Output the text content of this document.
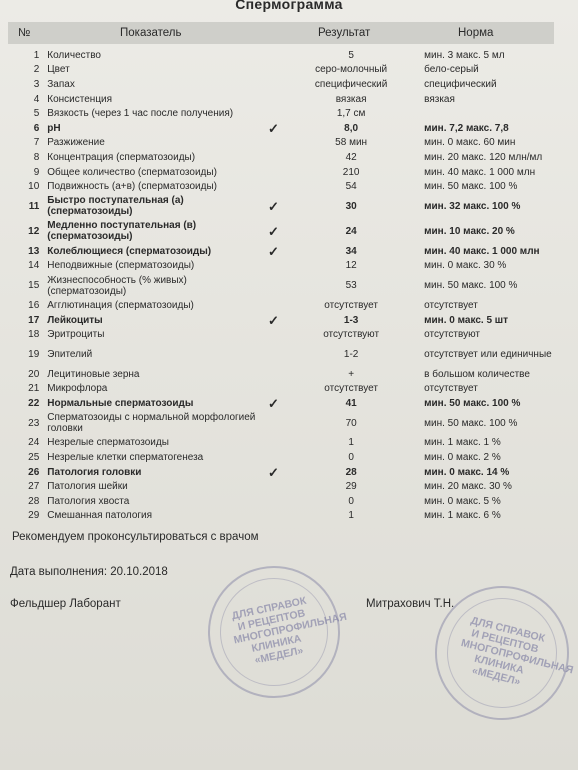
Спермограмма
№	Показатель	Результат	Норма
1	Количество		5	мин. 3 макс. 5 мл
2	Цвет		серо-молочный	бело-серый
3	Запах		специфический	специфический
4	Консистенция		вязкая	вязкая
5	Вязкость (через 1 час после получения)		1,7 см	
6	pH	✓	8,0	мин. 7,2 макс. 7,8
7	Разжижение		58 мин	мин. 0 макс. 60 мин
8	Концентрация (сперматозоиды)		42	мин. 20 макс. 120 млн/мл
9	Общее количество (сперматозоиды)		210	мин. 40 макс. 1 000 млн
10	Подвижность (а+в) (сперматозоиды)		54	мин. 50 макс. 100 %
11	Быстро поступательная (а) (сперматозоиды)	✓	30	мин. 32 макс. 100 %
12	Медленно поступательная (в) (сперматозоиды)	✓	24	мин. 10 макс. 20 %
13	Колеблющиеся (сперматозоиды)	✓	34	мин. 40 макс. 1 000 млн
14	Неподвижные (сперматозоиды)		12	мин. 0 макс. 30 %
15	Жизнеспособность (% живых) (сперматозоиды)		53	мин. 50 макс. 100 %
16	Агглютинация (сперматозоиды)		отсутствует	отсутствует
17	Лейкоциты	✓	1-3	мин. 0 макс. 5 шт
18	Эритроциты		отсутствуют	отсутствуют
19	Эпителий		1-2	отсутствует или единичные
20	Лецитиновые зерна		+	в большом количестве
21	Микрофлора		отсутствует	отсутствует
22	Нормальные сперматозоиды	✓	41	мин. 50 макс. 100 %
23	Сперматозоиды с нормальной морфологией головки		70	мин. 50 макс. 100 %
24	Незрелые сперматозоиды		1	мин. 1 макс. 1 %
25	Незрелые клетки сперматогенеза		0	мин. 0 макс. 2 %
26	Патология головки	✓	28	мин. 0 макс. 14 %
27	Патология шейки		29	мин. 20 макс. 30 %
28	Патология хвоста		0	мин. 0 макс. 5 %
29	Смешанная патология		1	мин. 1 макс. 6 %
Рекомендуем проконсультироваться с врачом
Дата выполнения: 20.10.2018
Фельдшер Лаборант	Митрахович Т.Н.
ДЛЯ СПРАВОК И РЕЦЕПТОВ МНОГОПРОФИЛЬНАЯ КЛИНИКА «МЕДЕЛ»
ДЛЯ СПРАВОК И РЕЦЕПТОВ МНОГОПРОФИЛЬНАЯ КЛИНИКА «МЕДЕЛ»
